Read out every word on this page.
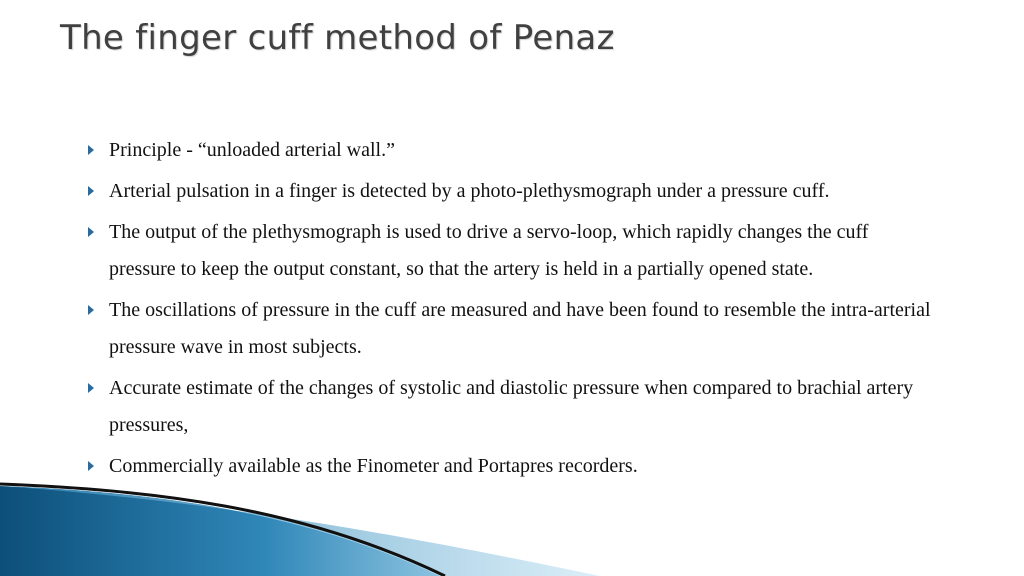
The finger cuff method of Penaz
Principle - “unloaded arterial wall.”
Arterial pulsation in a finger is detected by a photo-plethysmograph under a pressure cuff.
The output of the plethysmograph is used to drive a servo-loop, which rapidly changes the cuff pressure to keep the output constant, so that the artery is held in a partially opened state.
The oscillations of pressure in the cuff are measured and have been found to resemble the intra-arterial pressure wave in most subjects.
Accurate estimate of the changes of systolic and diastolic pressure when compared to brachial artery pressures,
Commercially available as the Finometer and Portapres recorders.
